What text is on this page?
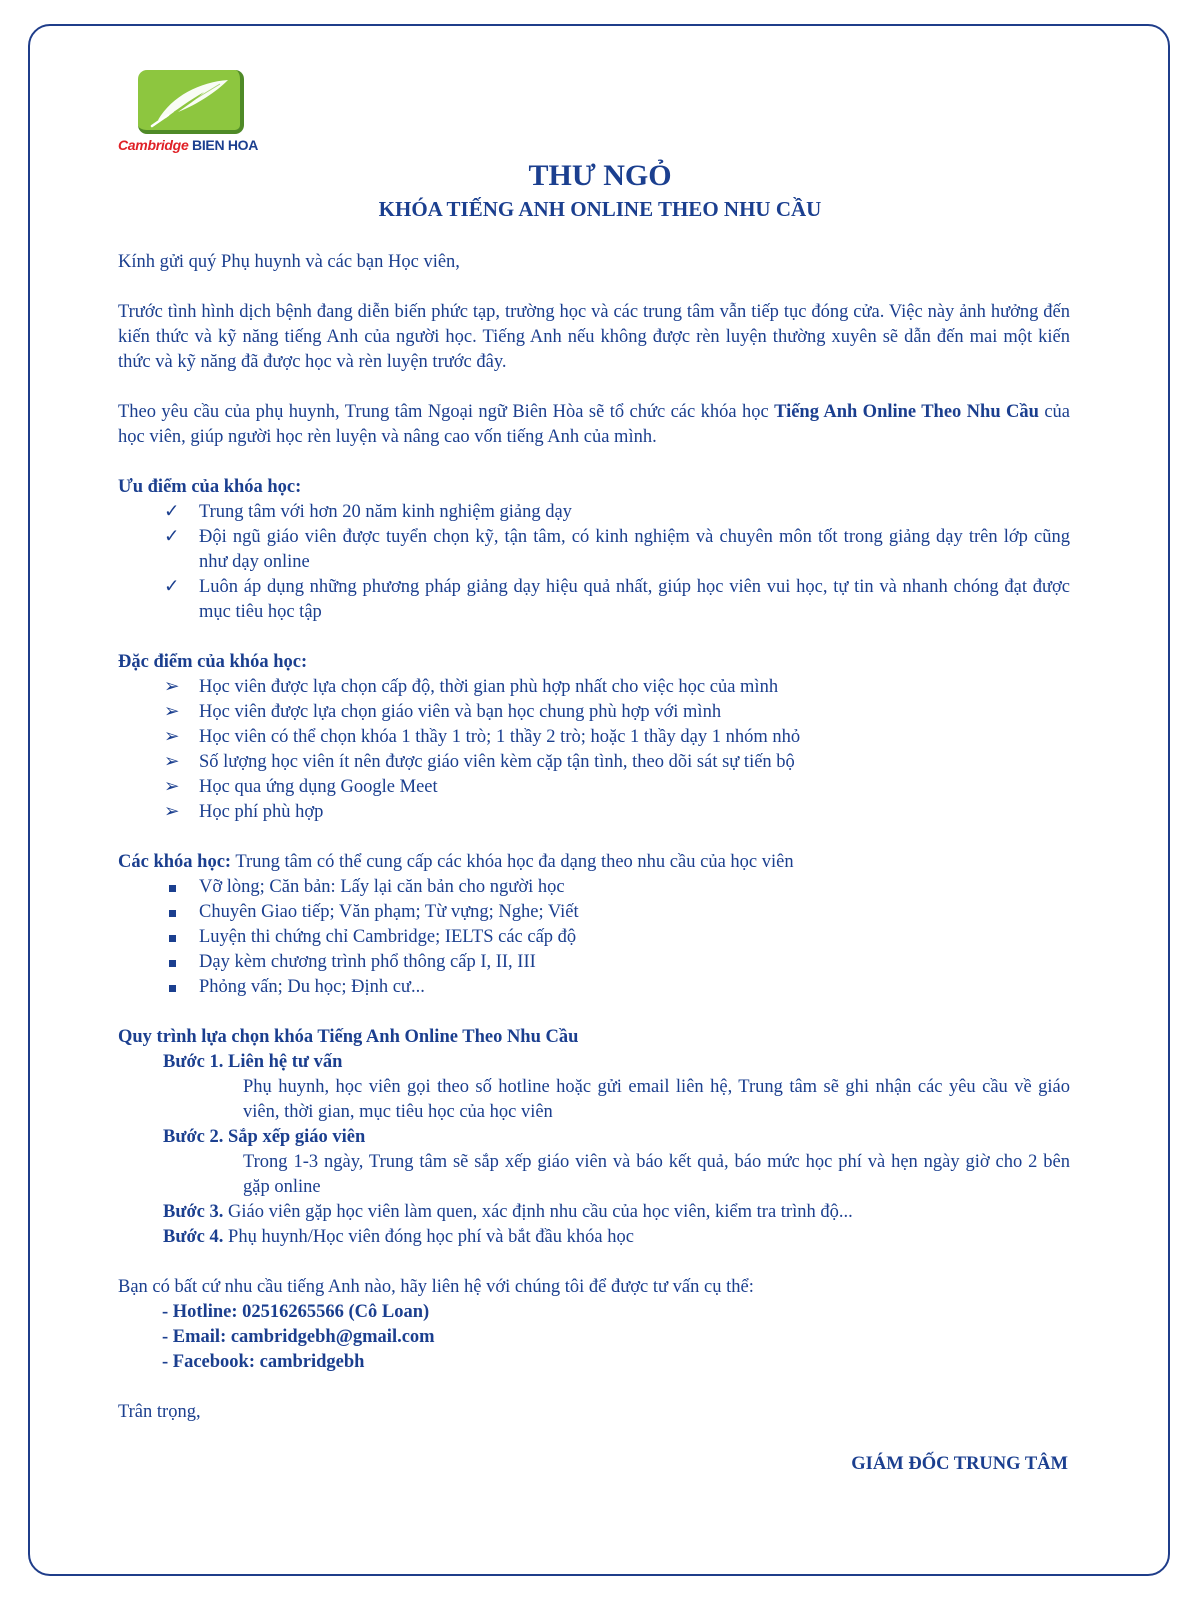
Cambridge BIEN HOA
THƯ NGỎ
KHÓA TIẾNG ANH ONLINE THEO NHU CẦU

Kính gửi quý Phụ huynh và các bạn Học viên,

Trước tình hình dịch bệnh đang diễn biến phức tạp, trường học và các trung tâm vẫn tiếp tục đóng cửa. Việc này ảnh hưởng đến kiến thức và kỹ năng tiếng Anh của người học. Tiếng Anh nếu không được rèn luyện thường xuyên sẽ dẫn đến mai một kiến thức và kỹ năng đã được học và rèn luyện trước đây.

Theo yêu cầu của phụ huynh, Trung tâm Ngoại ngữ Biên Hòa sẽ tổ chức các khóa học Tiếng Anh Online Theo Nhu Cầu của học viên, giúp người học rèn luyện và nâng cao vốn tiếng Anh của mình.

Ưu điểm của khóa học:

✓ Trung tâm với hơn 20 năm kinh nghiệm giảng dạy
✓ Đội ngũ giáo viên được tuyển chọn kỹ, tận tâm, có kinh nghiệm và chuyên môn tốt trong giảng dạy trên lớp cũng như dạy online
✓ Luôn áp dụng những phương pháp giảng dạy hiệu quả nhất, giúp học viên vui học, tự tin và nhanh chóng đạt được mục tiêu học tập

Đặc điểm của khóa học:

➢ Học viên được lựa chọn cấp độ, thời gian phù hợp nhất cho việc học của mình
➢ Học viên được lựa chọn giáo viên và bạn học chung phù hợp với mình
➢ Học viên có thể chọn khóa 1 thầy 1 trò; 1 thầy 2 trò; hoặc 1 thầy dạy 1 nhóm nhỏ
➢ Số lượng học viên ít nên được giáo viên kèm cặp tận tình, theo dõi sát sự tiến bộ
➢ Học qua ứng dụng Google Meet
➢ Học phí phù hợp

Các khóa học: Trung tâm có thể cung cấp các khóa học đa dạng theo nhu cầu của học viên

Vỡ lòng; Căn bản: Lấy lại căn bản cho người học
Chuyên Giao tiếp; Văn phạm; Từ vựng; Nghe; Viết
Luyện thi chứng chỉ Cambridge; IELTS các cấp độ
Dạy kèm chương trình phổ thông cấp I, II, III
Phỏng vấn; Du học; Định cư...

Quy trình lựa chọn khóa Tiếng Anh Online Theo Nhu Cầu

Bước 1. Liên hệ tư vấn

Phụ huynh, học viên gọi theo số hotline hoặc gửi email liên hệ, Trung tâm sẽ ghi nhận các yêu cầu về giáo viên, thời gian, mục tiêu học của học viên

Bước 2. Sắp xếp giáo viên

Trong 1-3 ngày, Trung tâm sẽ sắp xếp giáo viên và báo kết quả, báo mức học phí và hẹn ngày giờ cho 2 bên gặp online

Bước 3. Giáo viên gặp học viên làm quen, xác định nhu cầu của học viên, kiểm tra trình độ...

Bước 4. Phụ huynh/Học viên đóng học phí và bắt đầu khóa học

Bạn có bất cứ nhu cầu tiếng Anh nào, hãy liên hệ với chúng tôi để được tư vấn cụ thể:

- Hotline: 02516265566 (Cô Loan)

- Email: cambridgebh@gmail.com

- Facebook: cambridgebh

Trân trọng,

GIÁM ĐỐC TRUNG TÂM
